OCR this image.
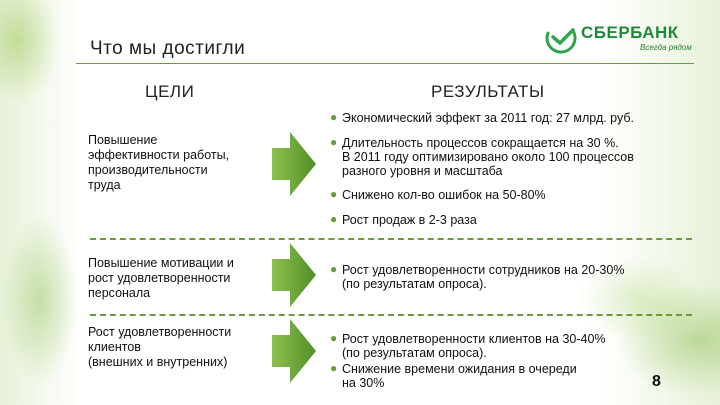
Что мы достигли
СБЕРБАНК
Всегда рядом
ЦЕЛИ	РЕЗУЛЬТАТЫ
Повышение
эффективности работы,
производительности
труда
● Экономический эффект за 2011 год: 27 млрд. руб.
● Длительность процессов сокращается на 30 %.
В 2011 году оптимизировано около 100 процессов
разного уровня и масштаба
● Снижено кол-во ошибок на 50-80%
● Рост продаж в 2-3 раза
Повышение мотивации и
рост удовлетворенности
персонала
● Рост удовлетворенности сотрудников на 20-30%
(по результатам опроса).
Рост удовлетворенности
клиентов
(внешних и внутренних)
● Рост удовлетворенности клиентов на 30-40%
(по результатам опроса).
● Снижение времени ожидания в очереди
на 30%	8
